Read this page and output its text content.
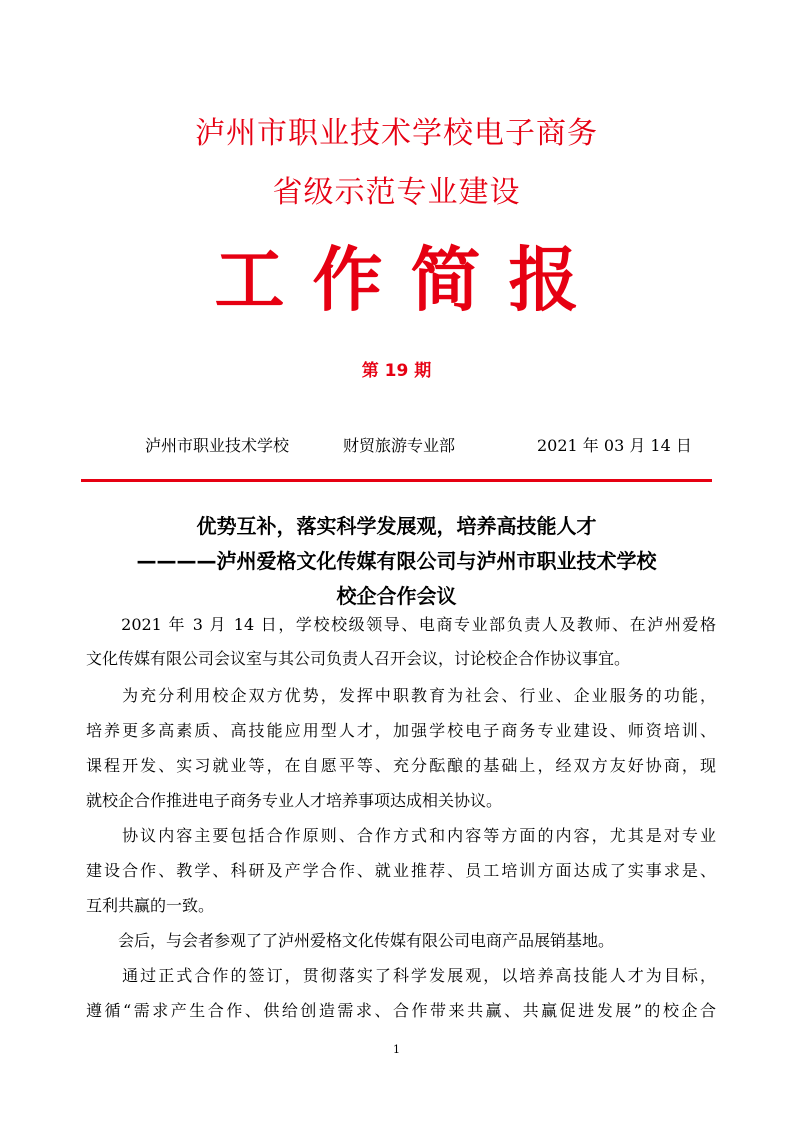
泸州市职业技术学校电子商务
省级示范专业建设
工作简报
第 19 期
泸州市职业技术学校	财贸旅游专业部	2021 年 03 月 14 日
优势互补，落实科学发展观，培养高技能人才
————泸州爱格文化传媒有限公司与泸州市职业技术学校
校企合作会议
　　2021 年 3 月 14 日，学校校级领导、电商专业部负责人及教师、在泸州爱格
文化传媒有限公司会议室与其公司负责人召开会议，讨论校企合作协议事宜。
　　为充分利用校企双方优势，发挥中职教育为社会、行业、企业服务的功能，
培养更多高素质、高技能应用型人才，加强学校电子商务专业建设、师资培训、
课程开发、实习就业等，在自愿平等、充分酝酿的基础上，经双方友好协商，现
就校企合作推进电子商务专业人才培养事项达成相关协议。
　　协议内容主要包括合作原则、合作方式和内容等方面的内容，尤其是对专业
建设合作、教学、科研及产学合作、就业推荐、员工培训方面达成了实事求是、
互利共赢的一致。
　　会后，与会者参观了了泸州爱格文化传媒有限公司电商产品展销基地。
　　通过正式合作的签订，贯彻落实了科学发展观，以培养高技能人才为目标，
遵循“需求产生合作、供给创造需求、合作带来共赢、共赢促进发展”的校企合
1
